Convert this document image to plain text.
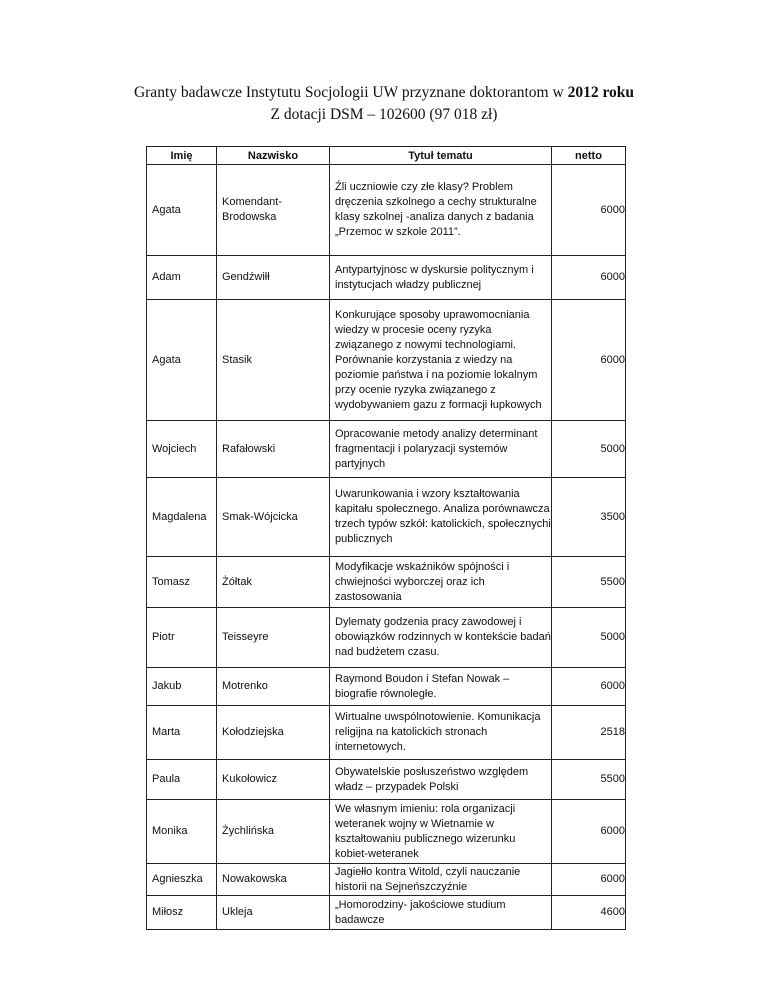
Granty badawcze Instytutu Socjologii UW przyznane doktorantom w 2012 roku
Z dotacji DSM – 102600 (97 018 zł)
Imię	Nazwisko	Tytuł tematu	netto
Agata	Komendant-Brodowska	Źli uczniowie czy złe klasy? Problem dręczenia szkolnego a cechy strukturalne klasy szkolnej -analiza danych z badania „Przemoc w szkole 2011”.	6000
Adam	Gendźwiłł	Antypartyjnosc w dyskursie politycznym i instytucjach władzy publicznej	6000
Agata	Stasik	Konkurujące sposoby uprawomocniania wiedzy w procesie oceny ryzyka związanego z nowymi technologiami. Porównanie korzystania z wiedzy na poziomie państwa i na poziomie lokalnym przy ocenie ryzyka związanego z wydobywaniem gazu z formacji łupkowych	6000
Wojciech	Rafałowski	Opracowanie metody analizy determinant fragmentacji i polaryzacji systemów partyjnych	5000
Magdalena	Smak-Wójcicka	Uwarunkowania i wzory kształtowania kapitału społecznego. Analiza porównawcza trzech typów szkół: katolickich, społecznychi publicznych	3500
Tomasz	Żółtak	Modyfikacje wskaźników spójności i chwiejności wyborczej oraz ich zastosowania	5500
Piotr	Teisseyre	Dylematy godzenia pracy zawodowej i obowiązków rodzinnych w kontekście badań nad budżetem czasu.	5000
Jakub	Motrenko	Raymond Boudon i Stefan Nowak – biografie równoległe.	6000
Marta	Kołodziejska	Wirtualne uwspólnotowienie. Komunikacja religijna na katolickich stronach internetowych.	2518
Paula	Kukołowicz	Obywatelskie posłuszeństwo względem władz – przypadek Polski	5500
Monika	Żychlińska	We własnym imieniu: rola organizacji weteranek wojny w Wietnamie w kształtowaniu publicznego wizerunku kobiet-weteranek	6000
Agnieszka	Nowakowska	Jagiełło kontra Witold, czyli nauczanie historii na Sejneńszczyźnie	6000
Miłosz	Ukleja	„Homorodziny- jakościowe studium badawcze	4600
